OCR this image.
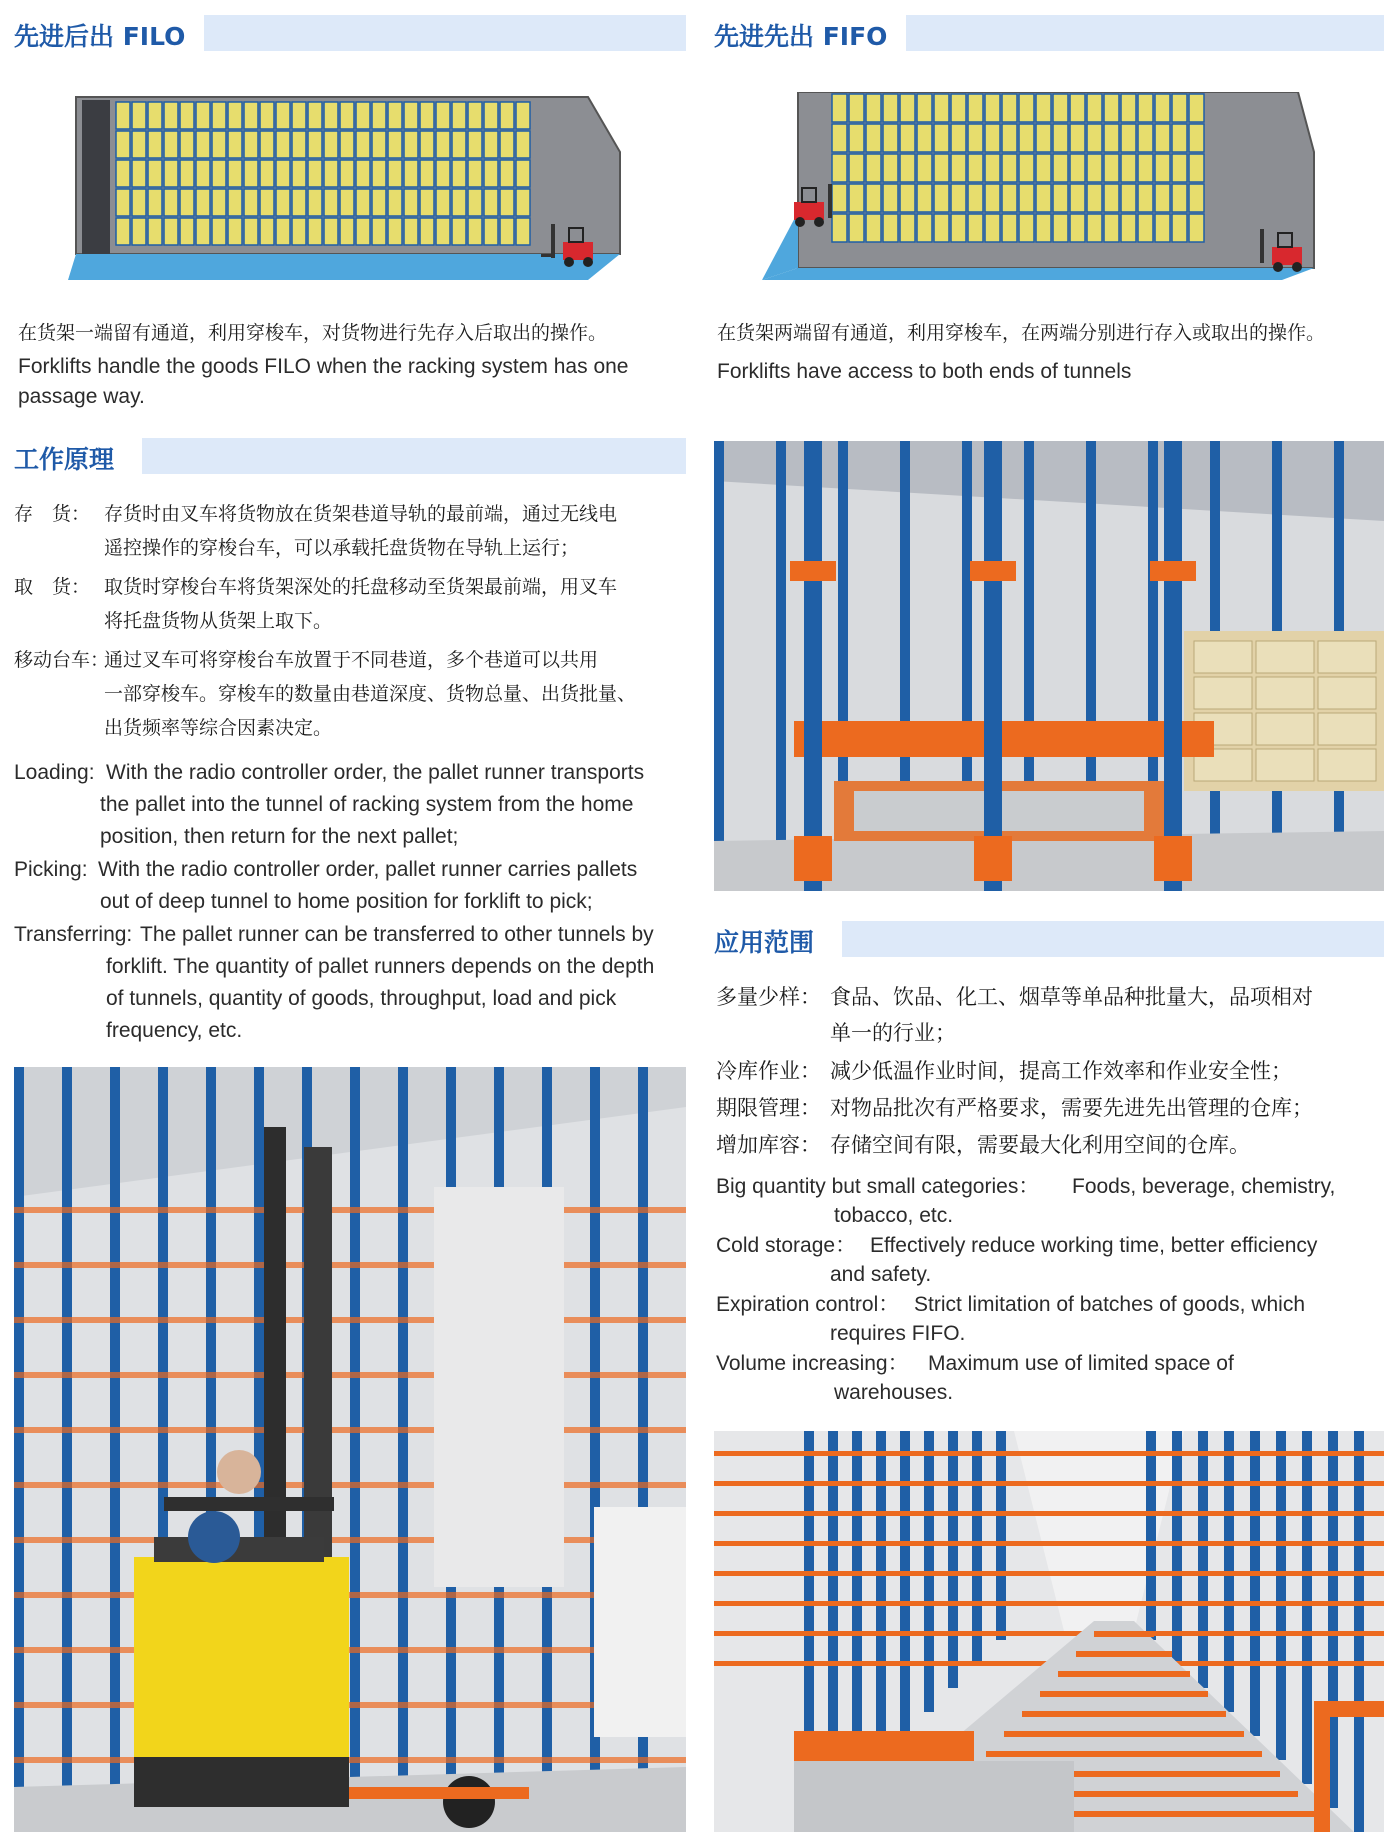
先进后出 FILO	先进先出 FIFO
在货架一端留有通道，利用穿梭车，对货物进行先存入后取出的操作。
Forklifts handle the goods FILO when the racking system has one
passage way.
在货架两端留有通道，利用穿梭车，在两端分别进行存入或取出的操作。
Forklifts have access to both ends of tunnels
工作原理
存　货： 存货时由叉车将货物放在货架巷道导轨的最前端，通过无线电
遥控操作的穿梭台车，可以承载托盘货物在导轨上运行；
取　货： 取货时穿梭台车将货架深处的托盘移动至货架最前端，用叉车
将托盘货物从货架上取下。
移动台车：
通过叉车可将穿梭台车放置于不同巷道，多个巷道可以共用
一部穿梭车。穿梭车的数量由巷道深度、货物总量、出货批量、
出货频率等综合因素决定。
Loading: With the radio controller order, the pallet runner transports
the pallet into the tunnel of racking system from the home
position, then return for the next pallet;
Picking: With the radio controller order, pallet runner carries pallets
out of deep tunnel to home position for forklift to pick;
Transferring: The pallet runner can be transferred to other tunnels by
forklift. The quantity of pallet runners depends on the depth
of tunnels, quantity of goods, throughput, load and pick
frequency, etc.
应用范围
多量少样： 食品、饮品、化工、烟草等单品种批量大，品项相对
单一的行业；
冷库作业： 减少低温作业时间，提高工作效率和作业安全性；
期限管理： 对物品批次有严格要求，需要先进先出管理的仓库；
增加库容： 存储空间有限，需要最大化利用空间的仓库。
Big quantity but small categories： Foods, beverage, chemistry,
tobacco, etc.
Cold storage： Effectively reduce working time, better efficiency
and safety.
Expiration control： Strict limitation of batches of goods, which
requires FIFO.
Volume increasing： Maximum use of limited space of
warehouses.
